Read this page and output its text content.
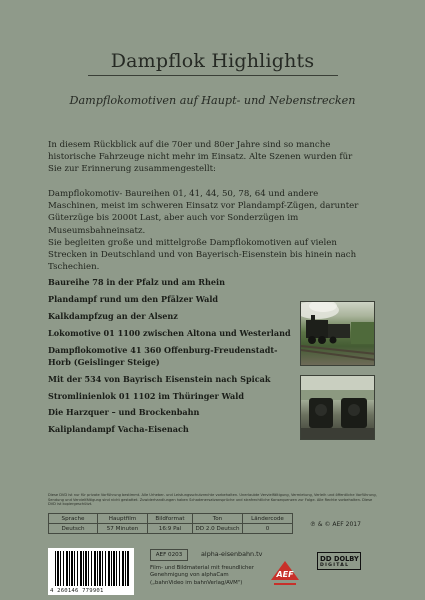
Dampflok Highlights
Dampflokomotiven auf Haupt- und Nebenstrecken

In diesem Rückblick auf die 70er und 80er Jahre sind so manche historische Fahrzeuge nicht mehr im Einsatz. Alte Szenen wurden für Sie zur Erinnerung zusammengestellt:

Dampflokomotiv- Baureihen 01, 41, 44, 50, 78, 64 und andere Maschinen, meist im schweren Einsatz vor Plandampf-Zügen, darunter Güterzüge bis 2000t Last, aber auch vor Sonderzügen im Museumsbahneinsatz.

Sie begleiten große und mittelgroße Dampflokomotiven auf vielen Strecken in Deutschland und von Bayerisch-Eisenstein bis hinein nach Tschechien.

Baureihe 78 in der Pfalz und am Rhein
Plandampf rund um den Pfälzer Wald
Kalkdampfzug an der Alsenz
Lokomotive 01 1100 zwischen Altona und Westerland
Dampflokomotive 41 360 Offenburg-Freudenstadt-Horb (Geislinger Steige)
Mit der 534 von Bayrisch Eisenstein nach Spicak
Stromlinienlok 01 1102 im Thüringer Wald
Die Harzquer – und Brockenbahn
Kaliplandampf Vacha-Eisenach

Diese DVD ist nur für private Vorführung bestimmt. Alle Urheber- und Leistungsschutzrechte vorbehalten. Unerlaubte Vervielfältigung, Vermietung, Verleih und öffentliche Vorführung, Sendung und Vervielfältigung sind nicht gestattet. Zuwiderhandlungen haben Schadenersatzansprüche und strafrechtliche Konsequenzen zur Folge. Alle Rechte vorbehalten. Diese DVD ist kopiergeschützt.

Sprache	Hauptfilm	Bildformat	Ton	Ländercode
Deutsch	57 Minuten	16:9 Pal	DD 2.0 Deutsch	0
℗ & © AEF 2017
4 260146 779901
AEF 0203	alpha-eisenbahn.tv

Film- und Bildmaterial mit freundlicher Genehmigung von alphaCam („bahnVideo im bahnVerlag/AVM")

AEF
DD DOLBY
DIGITAL
